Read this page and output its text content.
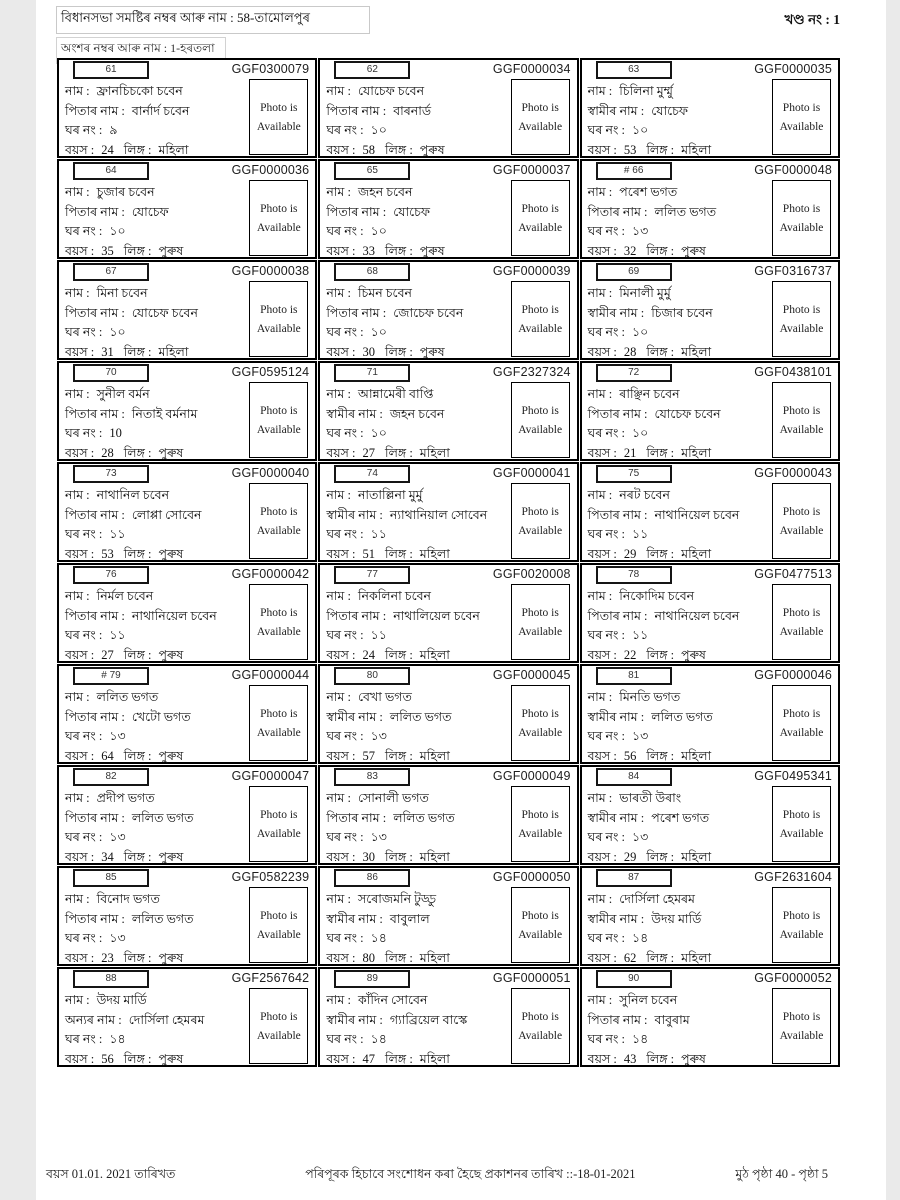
বিধানসভা সমষ্টিৰ নম্বৰ আৰু নাম : 58-তামোলপুৰ	খণ্ড নং : 1
অংশৰ নম্বৰ আৰু নাম : 1-হৰতলা
61	GGF0300079
নাম : ফ্ৰানচিচকো চবেন
পিতাৰ নাম : বাৰ্নাৰ্দ চবেন
ঘৰ নং : ৯
বয়স : 24 লিঙ্গ : মহিলা
Photo is
Available
62	GGF0000034
নাম : যোচেফ চবেন
পিতাৰ নাম : বাৰনাৰ্ড
ঘৰ নং : ১০
বয়স : 58 লিঙ্গ : পুৰুষ
Photo is
Available
63	GGF0000035
নাম : চিলিনা মুৰ্ম্মু
স্বামীৰ নাম : যোচেফ
ঘৰ নং : ১০
বয়স : 53 লিঙ্গ : মহিলা
Photo is
Available
64	GGF0000036
নাম : চুজাৰ চবেন
পিতাৰ নাম : যোচেফ
ঘৰ নং : ১০
বয়স : 35 লিঙ্গ : পুৰুষ
Photo is
Available
65	GGF0000037
নাম : জহন চবেন
পিতাৰ নাম : যোচেফ
ঘৰ নং : ১০
বয়স : 33 লিঙ্গ : পুৰুষ
Photo is
Available
# 66	GGF0000048
নাম : পৰেশ ভগত
পিতাৰ নাম : ললিত ভগত
ঘৰ নং : ১৩
বয়স : 32 লিঙ্গ : পুৰুষ
Photo is
Available
67	GGF0000038
নাম : মিনা চবেন
পিতাৰ নাম : যোচেফ চবেন
ঘৰ নং : ১০
বয়স : 31 লিঙ্গ : মহিলা
Photo is
Available
68	GGF0000039
নাম : চিমন চবেন
পিতাৰ নাম : জোচেফ চবেন
ঘৰ নং : ১০
বয়স : 30 লিঙ্গ : পুৰুষ
Photo is
Available
69	GGF0316737
নাম : মিনালী মুৰ্মু
স্বামীৰ নাম : চিজাৰ চবেন
ঘৰ নং : ১০
বয়স : 28 লিঙ্গ : মহিলা
Photo is
Available
70	GGF0595124
নাম : সুনীল বৰ্মন
পিতাৰ নাম : নিতাই বৰ্মনাম
ঘৰ নং : 10
বয়স : 28 লিঙ্গ : পুৰুষ
Photo is
Available
71	GGF2327324
নাম : আন্নামেৰী বাপ্তি
স্বামীৰ নাম : জহন চবেন
ঘৰ নং : ১০
বয়স : 27 লিঙ্গ : মহিলা
Photo is
Available
72	GGF0438101
নাম : ৰাঞ্ছিন চবেন
পিতাৰ নাম : যোচেফ চবেন
ঘৰ নং : ১০
বয়স : 21 লিঙ্গ : মহিলা
Photo is
Available
73	GGF0000040
নাম : নাথানিল চবেন
পিতাৰ নাম : লোপ্পা সোবেন
ঘৰ নং : ১১
বয়স : 53 লিঙ্গ : পুৰুষ
Photo is
Available
74	GGF0000041
নাম : নাতাল্লিনা মুৰ্মু
স্বামীৰ নাম : ন্যাথানিয়াল সোবেন
ঘৰ নং : ১১
বয়স : 51 লিঙ্গ : মহিলা
Photo is
Available
75	GGF0000043
নাম : নৰট চবেন
পিতাৰ নাম : নাথানিয়েল চবেন
ঘৰ নং : ১১
বয়স : 29 লিঙ্গ : মহিলা
Photo is
Available
76	GGF0000042
নাম : নিৰ্মল চবেন
পিতাৰ নাম : নাথানিয়েল চবেন
ঘৰ নং : ১১
বয়স : 27 লিঙ্গ : পুৰুষ
Photo is
Available
77	GGF0020008
নাম : নিকলিনা চবেন
পিতাৰ নাম : নাথালিয়েল চবেন
ঘৰ নং : ১১
বয়স : 24 লিঙ্গ : মহিলা
Photo is
Available
78	GGF0477513
নাম : নিকোদিম চবেন
পিতাৰ নাম : নাথানিয়েল চবেন
ঘৰ নং : ১১
বয়স : 22 লিঙ্গ : পুৰুষ
Photo is
Available
# 79	GGF0000044
নাম : ললিত ভগত
পিতাৰ নাম : খেটো ভগত
ঘৰ নং : ১৩
বয়স : 64 লিঙ্গ : পুৰুষ
Photo is
Available
80	GGF0000045
নাম : বেখা ভগত
স্বামীৰ নাম : ললিত ভগত
ঘৰ নং : ১৩
বয়স : 57 লিঙ্গ : মহিলা
Photo is
Available
81	GGF0000046
নাম : মিনতি ভগত
স্বামীৰ নাম : ললিত ভগত
ঘৰ নং : ১৩
বয়স : 56 লিঙ্গ : মহিলা
Photo is
Available
82	GGF0000047
নাম : প্ৰদীপ ভগত
পিতাৰ নাম : ললিত ভগত
ঘৰ নং : ১৩
বয়স : 34 লিঙ্গ : পুৰুষ
Photo is
Available
83	GGF0000049
নাম : সোনালী ভগত
পিতাৰ নাম : ললিত ভগত
ঘৰ নং : ১৩
বয়স : 30 লিঙ্গ : মহিলা
Photo is
Available
84	GGF0495341
নাম : ভাৰতী উৰাং
স্বামীৰ নাম : পৰেশ ভগত
ঘৰ নং : ১৩
বয়স : 29 লিঙ্গ : মহিলা
Photo is
Available
85	GGF0582239
নাম : বিনোদ ভগত
পিতাৰ নাম : ললিত ভগত
ঘৰ নং : ১৩
বয়স : 23 লিঙ্গ : পুৰুষ
Photo is
Available
86	GGF0000050
নাম : সৰোজমনি টুড্ডু
স্বামীৰ নাম : বাবুলাল
ঘৰ নং : ১৪
বয়স : 80 লিঙ্গ : মহিলা
Photo is
Available
87	GGF2631604
নাম : দোৰ্সিলা হেমৰম
স্বামীৰ নাম : উদয় মাৰ্ডি
ঘৰ নং : ১৪
বয়স : 62 লিঙ্গ : মহিলা
Photo is
Available
88	GGF2567642
নাম : উদয় মাৰ্ডি
অন্যৰ নাম : দোৰ্সিলা হেমৰম
ঘৰ নং : ১৪
বয়স : 56 লিঙ্গ : পুৰুষ
Photo is
Available
89	GGF0000051
নাম : কাঁদিন সোবেন
স্বামীৰ নাম : গ্যাব্ৰিয়েল বাস্কে
ঘৰ নং : ১৪
বয়স : 47 লিঙ্গ : মহিলা
Photo is
Available
90	GGF0000052
নাম : সুনিল চবেন
পিতাৰ নাম : বাবুৰাম
ঘৰ নং : ১৪
বয়স : 43 লিঙ্গ : পুৰুষ
Photo is
Available
বয়স 01.01. 2021 তাৰিখত	পৰিপূৰক হিচাবে সংশোধন কৰা হৈছে প্ৰকাশনৰ তাৰিখ ::-18-01-2021	মুঠ পৃষ্ঠা 40 - পৃষ্ঠা 5
